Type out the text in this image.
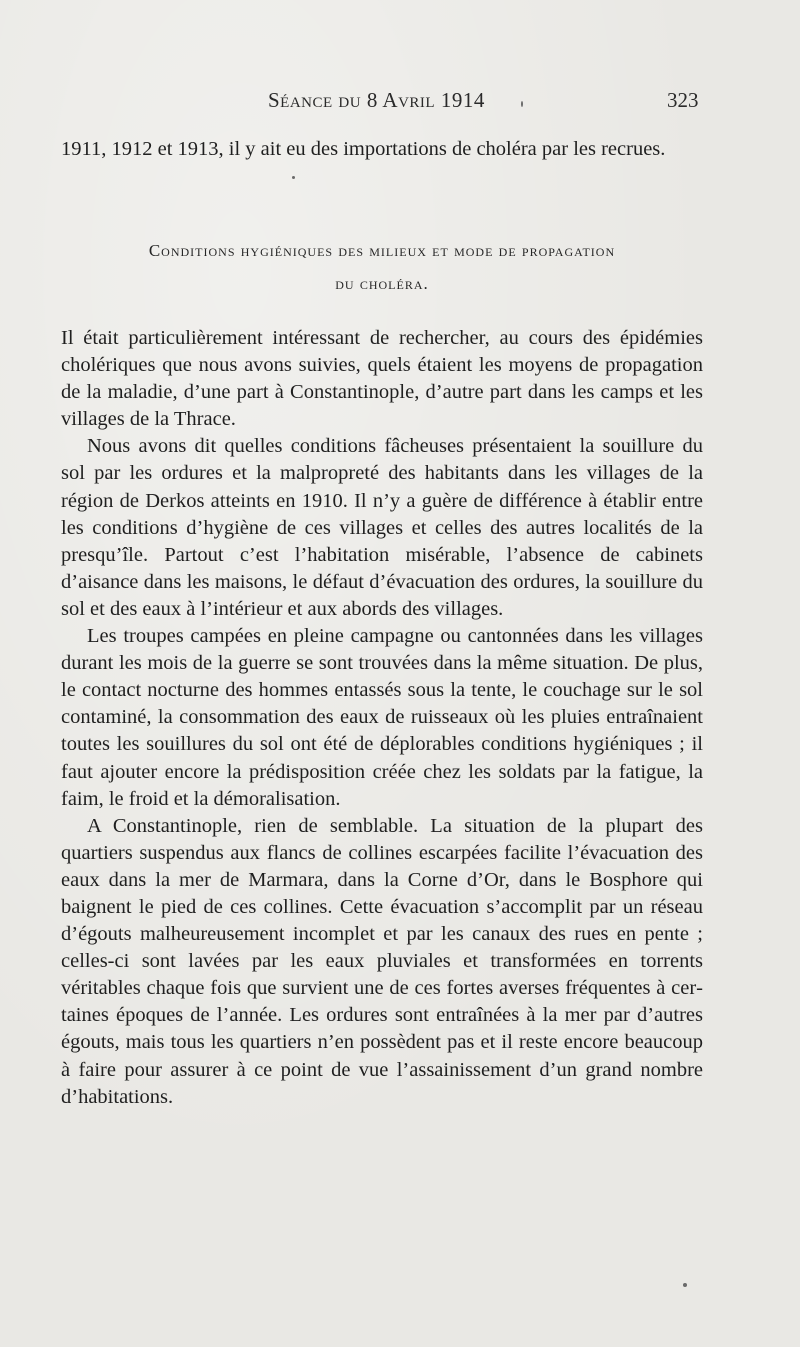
Séance du 8 Avril 1914	323
1911, 1912 et 1913, il y ait eu des importations de choléra par les recrues.
Conditions hygiéniques des milieux et mode de propagation
du choléra.

Il était particulièrement intéressant de rechercher, au cours des épidémies cholériques que nous avons suivies, quels étaient les moyens de propagation de la maladie, d’une part à Constantinople, d’autre part dans les camps et les villages de la Thrace.

Nous avons dit quelles conditions fâcheuses présentaient la souillure du sol par les ordures et la malpropreté des habitants dans les villages de la région de Derkos atteints en 1910. Il n’y a guère de différence à établir entre les conditions d’hygiène de ces villages et celles des autres localités de la presqu’île. Partout c’est l’habitation misérable, l’absence de cabinets d’aisance dans les maisons, le défaut d’évacuation des ordures, la souillure du sol et des eaux à l’intérieur et aux abords des villages.

Les troupes campées en pleine campagne ou cantonnées dans les villages durant les mois de la guerre se sont trouvées dans la même situation. De plus, le contact nocturne des hommes entassés sous la tente, le couchage sur le sol contaminé, la consommation des eaux de ruisseaux où les pluies entraînaient toutes les souillures du sol ont été de déplorables conditions hygiéniques ; il faut ajouter encore la prédisposition créée chez les soldats par la fatigue, la faim, le froid et la démoralisation.

A Constantinople, rien de semblable. La situation de la plupart des quartiers suspendus aux flancs de collines escarpées facilite l’évacuation des eaux dans la mer de Marmara, dans la Corne d’Or, dans le Bosphore qui baignent le pied de ces collines. Cette évacuation s’accomplit par un réseau d’égouts malheureusement incomplet et par les canaux des rues en pente ; celles-ci sont lavées par les eaux pluviales et transformées en torrents véritables chaque fois que survient une de ces fortes averses fréquentes à certaines époques de l’année. Les ordures sont entraînées à la mer par d’autres égouts, mais tous les quartiers n’en possèdent pas et il reste encore beaucoup à faire pour assurer à ce point de vue l’assainissement d’un grand nombre d’habitations.
